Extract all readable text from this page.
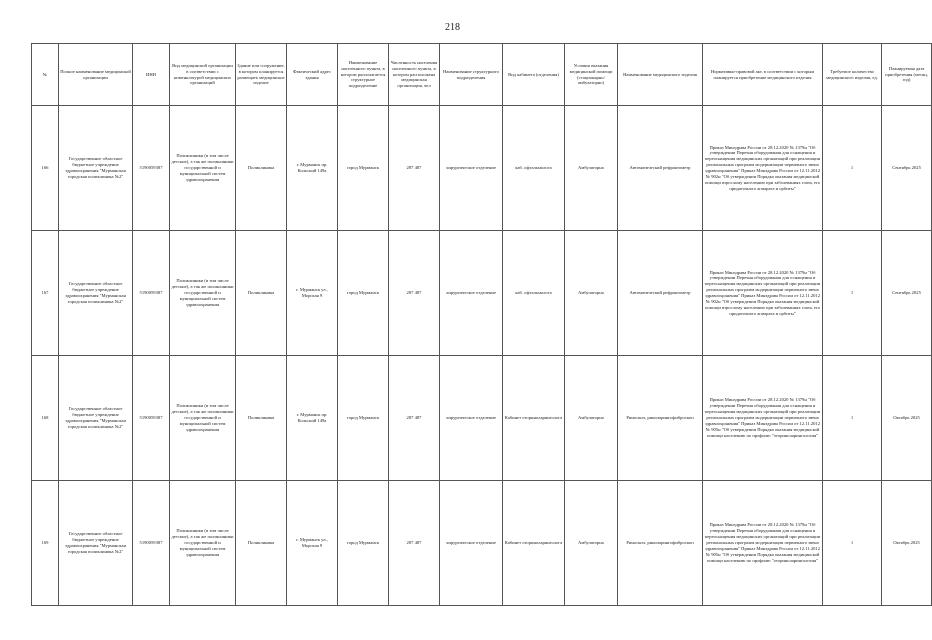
218
№	Полное наименование медицинской организации	ИНН	Вид медицинской организации в соответствии с номенклатурой медицинских организаций	Здание или сооружение, в котором планируется размещать медицинское изделие	Фактический адрес здания	Наименование населенного пункта, в котором располагается структурное подразделение	Численность населения населенного пункта, в котором расположена медицинская организация, чел	Наименование структурного подразделения	Вид кабинета (отделения)	Условия оказания медицинской помощи (стационарно/амбулаторно)	Наименование медицинского изделия	Нормативно-правовой акт, в соответствии с которым планируется приобретение медицинского изделия	Требуемое количество медицинского изделия, ед.	Планируемая дата приобретения (месяц, год)
166	Государственное областное бюджетное учреждение здравоохранения "Мурманская городская поликлиника №2"	5190059387	Поликлиники (в том числе детские), а так же поликлиники государственной и муниципальной систем здравоохранения	Поликлиника	г. Мурманск пр. Кольский 149а	город Мурманск	287 487	хирургическое отделение	каб. офтальмолога	Амбулаторно	Автоматический рефрактометр	Приказ Минздрава России от 28.12.2020 № 1379н "Об утверждении Перечня оборудования для оснащения и переоснащения медицинских организаций при реализации региональных программ модернизации первичного звена здравоохранения" Приказ Минздрава России от 12.11.2012 № 902н "Об утверждении Порядка оказания медицинской помощи взрослому населению при заболеваниях глаза, его придаточного аппарата и орбиты"	1	Сентябрь 2025
167	Государственное областное бюджетное учреждение здравоохранения "Мурманская городская поликлиника №2"	5190059387	Поликлиники (в том числе детские), а так же поликлиники государственной и муниципальной систем здравоохранения	Поликлиника	г. Мурманск ул., Морская 9	город Мурманск	287 487	хирургическое отделение	каб. офтальмолога	Амбулаторно	Автоматический рефрактометр	Приказ Минздрава России от 28.12.2020 № 1379н "Об утверждении Перечня оборудования для оснащения и переоснащения медицинских организаций при реализации региональных программ модернизации первичного звена здравоохранения" Приказ Минздрава России от 12.11.2012 № 902н "Об утверждении Порядка оказания медицинской помощи взрослому населению при заболеваниях глаза, его придаточного аппарата и орбиты"	1	Сентябрь 2025
168	Государственное областное бюджетное учреждение здравоохранения "Мурманская городская поликлиника №2"	5190059387	Поликлиники (в том числе детские), а так же поликлиники государственной и муниципальной систем здравоохранения	Поликлиника	г. Мурманск пр. Кольский 149а	город Мурманск	287 487	хирургическое отделение	Кабинет оториноларинголога	Амбулаторно	Риноскоп, риноларингофиброскоп	Приказ Минздрава России от 28.12.2020 № 1379н "Об утверждении Перечня оборудования для оснащения и переоснащения медицинских организаций при реализации региональных программ модернизации первичного звена здравоохранения" Приказ Минздрава России от 12.11.2012 № 905н "Об утверждении Порядка оказания медицинской помощи населению по профилю "оториноларингология"	1	Октябрь 2025
169	Государственное областное бюджетное учреждение здравоохранения "Мурманская городская поликлиника №2"	5190059387	Поликлиники (в том числе детские), а так же поликлиники государственной и муниципальной систем здравоохранения	Поликлиника	г. Мурманск ул., Морская 9	город Мурманск	287 487	хирургическое отделение	Кабинет оториноларинголога	Амбулаторно	Риноскоп, риноларингофиброскоп	Приказ Минздрава России от 28.12.2020 № 1379н "Об утверждении Перечня оборудования для оснащения и переоснащения медицинских организаций при реализации региональных программ модернизации первичного звена здравоохранения" Приказ Минздрава России от 12.11.2012 № 905н "Об утверждении Порядка оказания медицинской помощи населению по профилю "оториноларингология"	1	Октябрь 2025
